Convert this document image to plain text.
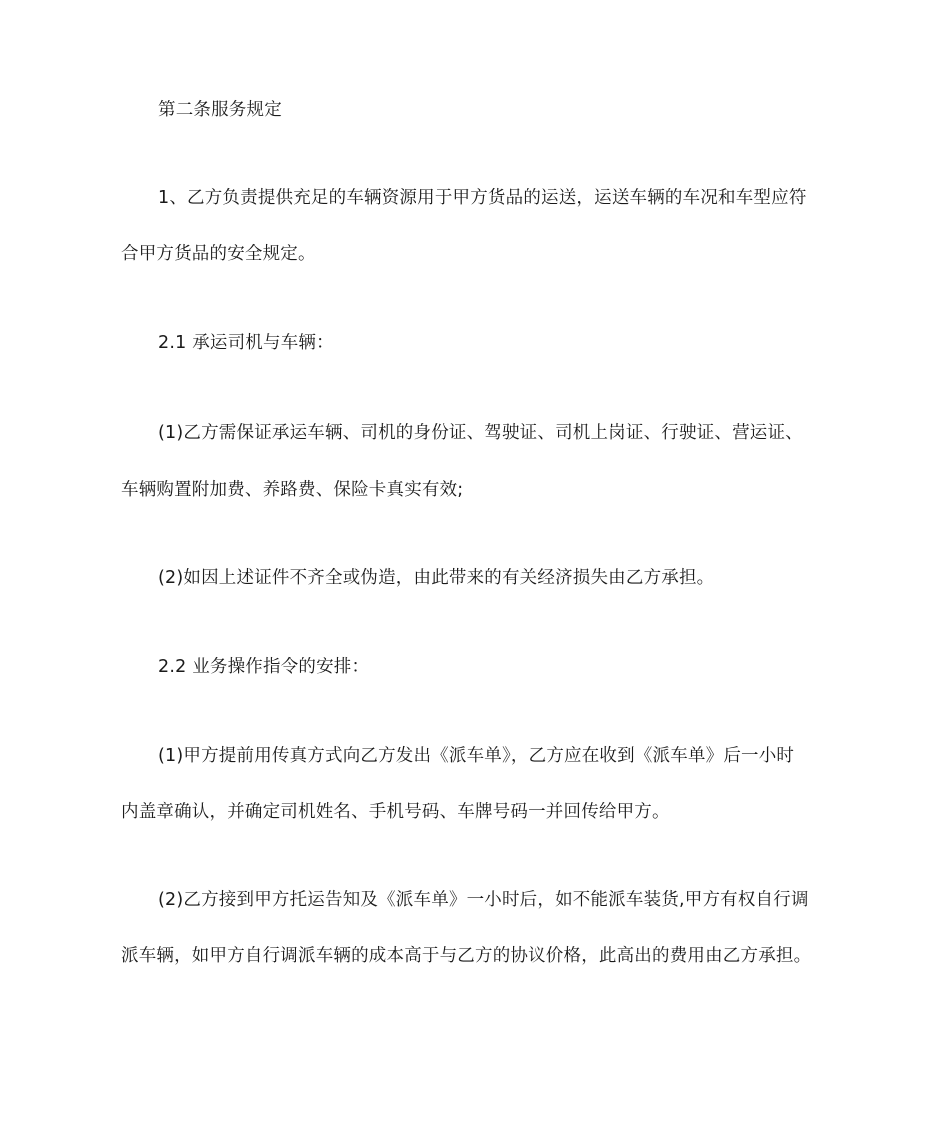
第二条服务规定
1、乙方负责提供充足的车辆资源用于甲方货品的运送，运送车辆的车况和车型应符
合甲方货品的安全规定。
2.1 承运司机与车辆：
(1)乙方需保证承运车辆、司机的身份证、驾驶证、司机上岗证、行驶证、营运证、
车辆购置附加费、养路费、保险卡真实有效;
(2)如因上述证件不齐全或伪造，由此带来的有关经济损失由乙方承担。
2.2 业务操作指令的安排：
(1)甲方提前用传真方式向乙方发出《派车单》，乙方应在收到《派车单》后一小时
内盖章确认，并确定司机姓名、手机号码、车牌号码一并回传给甲方。
(2)乙方接到甲方托运告知及《派车单》一小时后，如不能派车装货,甲方有权自行调
派车辆，如甲方自行调派车辆的成本高于与乙方的协议价格，此高出的费用由乙方承担。
